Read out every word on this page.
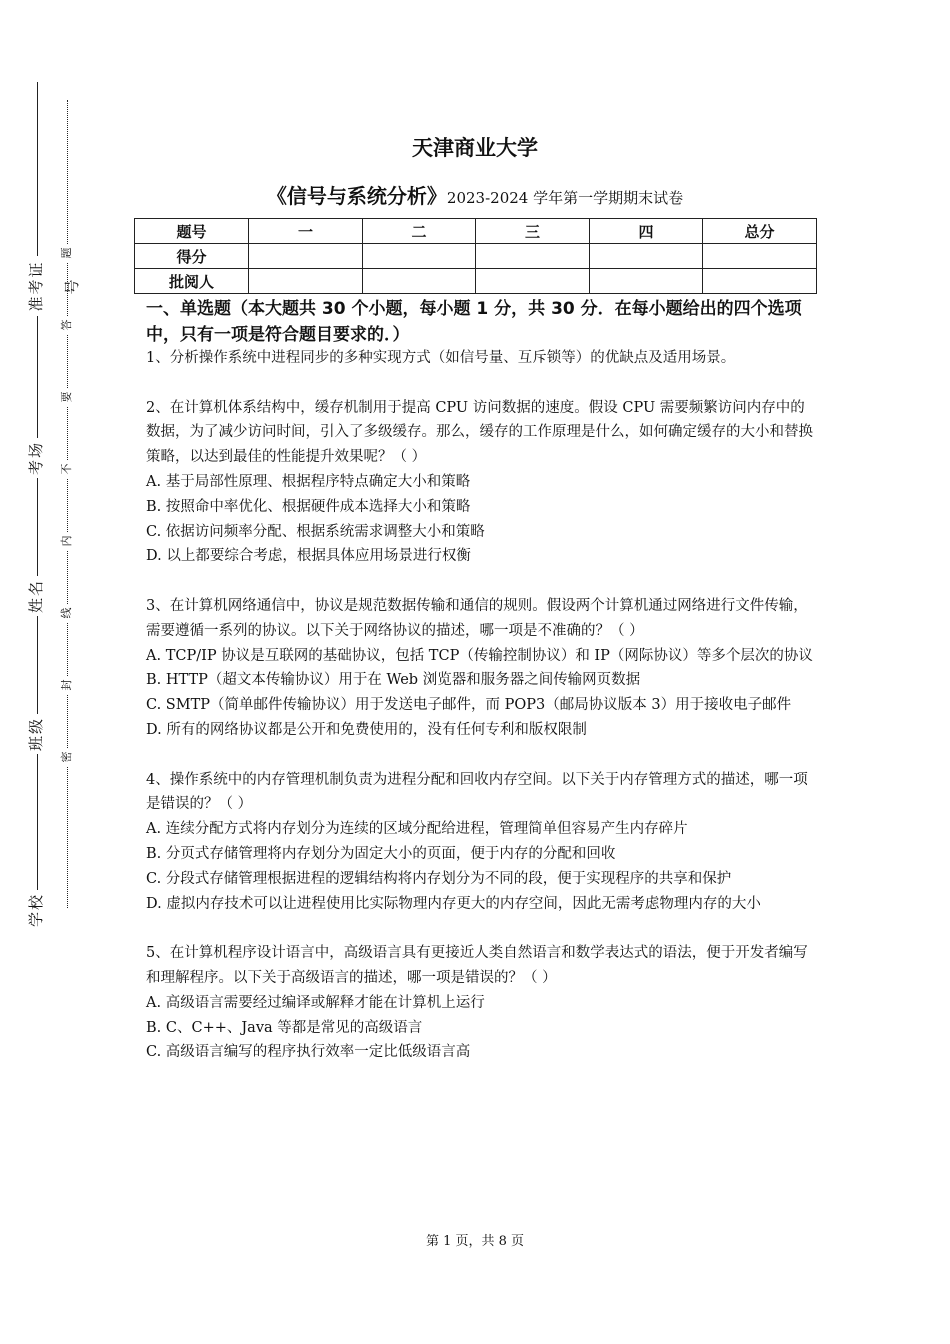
准考证号
考场
姓名
班级
学校
题
答
要
不
内
线
封
密
天津商业大学
《信号与系统分析》2023-2024 学年第一学期期末试卷
题号	一	二	三	四	总分
得分					
批阅人					
一、单选题（本大题共 30 个小题，每小题 1 分，共 30 分．在每小题给出的四个选项中，只有一项是符合题目要求的．）

1、分析操作系统中进程同步的多种实现方式（如信号量、互斥锁等）的优缺点及适用场景。

2、在计算机体系结构中，缓存机制用于提高 CPU 访问数据的速度。假设 CPU 需要频繁访问内存中的数据，为了减少访问时间，引入了多级缓存。那么，缓存的工作原理是什么，如何确定缓存的大小和替换策略，以达到最佳的性能提升效果呢？（ ）

A. 基于局部性原理、根据程序特点确定大小和策略

B. 按照命中率优化、根据硬件成本选择大小和策略

C. 依据访问频率分配、根据系统需求调整大小和策略

D. 以上都要综合考虑，根据具体应用场景进行权衡

3、在计算机网络通信中，协议是规范数据传输和通信的规则。假设两个计算机通过网络进行文件传输，需要遵循一系列的协议。以下关于网络协议的描述，哪一项是不准确的？（ ）

A. TCP/IP 协议是互联网的基础协议，包括 TCP（传输控制协议）和 IP（网际协议）等多个层次的协议

B. HTTP（超文本传输协议）用于在 Web 浏览器和服务器之间传输网页数据

C. SMTP（简单邮件传输协议）用于发送电子邮件，而 POP3（邮局协议版本 3）用于接收电子邮件

D. 所有的网络协议都是公开和免费使用的，没有任何专利和版权限制

4、操作系统中的内存管理机制负责为进程分配和回收内存空间。以下关于内存管理方式的描述，哪一项是错误的？（ ）

A. 连续分配方式将内存划分为连续的区域分配给进程，管理简单但容易产生内存碎片

B. 分页式存储管理将内存划分为固定大小的页面，便于内存的分配和回收

C. 分段式存储管理根据进程的逻辑结构将内存划分为不同的段，便于实现程序的共享和保护

D. 虚拟内存技术可以让进程使用比实际物理内存更大的内存空间，因此无需考虑物理内存的大小

5、在计算机程序设计语言中，高级语言具有更接近人类自然语言和数学表达式的语法，便于开发者编写和理解程序。以下关于高级语言的描述，哪一项是错误的？（ ）

A. 高级语言需要经过编译或解释才能在计算机上运行

B. C、C++、Java 等都是常见的高级语言

C. 高级语言编写的程序执行效率一定比低级语言高

第 1 页，共 8 页
